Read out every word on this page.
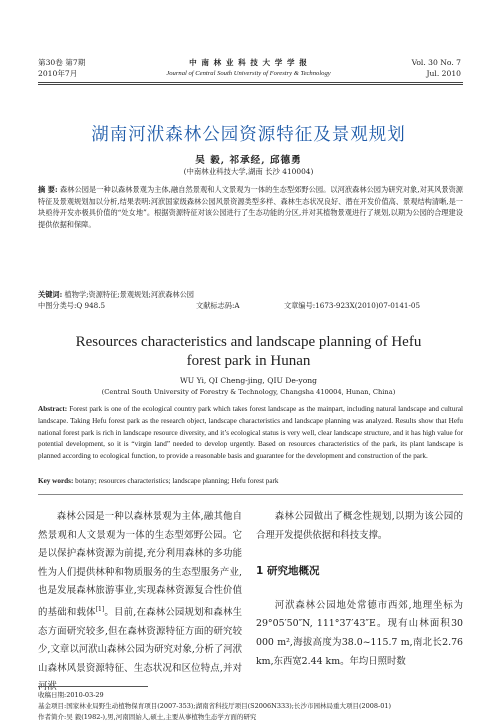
第30卷 第7期
2010年7月
中 南 林 业 科 技 大 学 学 报
Journal of Central South University of Forestry & Technology
Vol. 30 No. 7
Jul. 2010
湖南河洑森林公园资源特征及景观规划
吴 毅, 祁承经, 邱德勇
(中南林业科技大学,湖南 长沙 410004)
摘 要: 森林公园是一种以森林景观为主体,融自然景观和人文景观为一体的生态型郊野公园。以河洑森林公园为研究对象,对其风景资源特征及景观规划加以分析,结果表明:河洑国家级森林公园风景资源类型多样、森林生态状况良好、潜在开发价值高、景观结构清晰,是一块亟待开发亦极具价值的“处女地”。根据资源特征对该公园进行了生态功能的分区,并对其植物景观进行了规划,以期为公园的合理建设提供依据和保障。
关键词: 植物学;资源特征;景观规划;河洑森林公园
中图分类号:Q 948.5	文献标志码:A	文章编号:1673-923X(2010)07-0141-05
Resources characteristics and landscape planning of Hefu
forest park in Hunan
WU Yi, QI Cheng-jing, QIU De-yong
(Central South University of Forestry & Technology, Changsha 410004, Hunan, China)
Abstract: Forest park is one of the ecological country park which takes forest landscape as the mainpart, including natural landscape and cultural landscape. Taking Hefu forest park as the research object, landscape characteristics and landscape planning was analyzed. Results show that Hefu national forest park is rich in landscape resource diversity, and it’s ecological status is very well, clear landscape structure, and it has high value for potential development, so it is “virgin land” needed to develop urgently. Based on resources characteristics of the park, its plant landscape is planned according to ecological function, to provide a reasonable basis and guarantee for the development and construction of the park.
Key words: botany; resources characteristics; landscape planning; Hefu forest park

森林公园是一种以森林景观为主体,融其他自然景观和人文景观为一体的生态型郊野公园。它是以保护森林资源为前提,充分利用森林的多功能性为人们提供林种和物质服务的生态型服务产业,也是发展森林旅游事业,实现森林资源复合性价值的基础和载体[1]。目前,在森林公园规划和森林生态方面研究较多,但在森林资源特征方面的研究较少,文章以河洑山森林公园为研究对象,分析了河洑山森林风景资源特征、生态状况和区位特点,并对河洑

森林公园做出了概念性规划,以期为该公园的合理开发提供依据和科技支撑。

1 研究地概况

河洑森林公园地处常德市西郊,地理坐标为29°05′50″N, 111°37′43″E。现有山林面积30 000 m²,海拔高度为38.0~115.7 m,南北长2.76 km,东西宽2.44 km。年均日照时数

收稿日期:2010-03-29
基金项目:国家林业局野生动植物保育项目(2007-353);湖南省科技厅项目(S2006N333);长沙市园林局重大项目(2008-01)
作者简介:吴 毅(1982-),男,河南固始人,硕士,主要从事植物生态学方面的研究
